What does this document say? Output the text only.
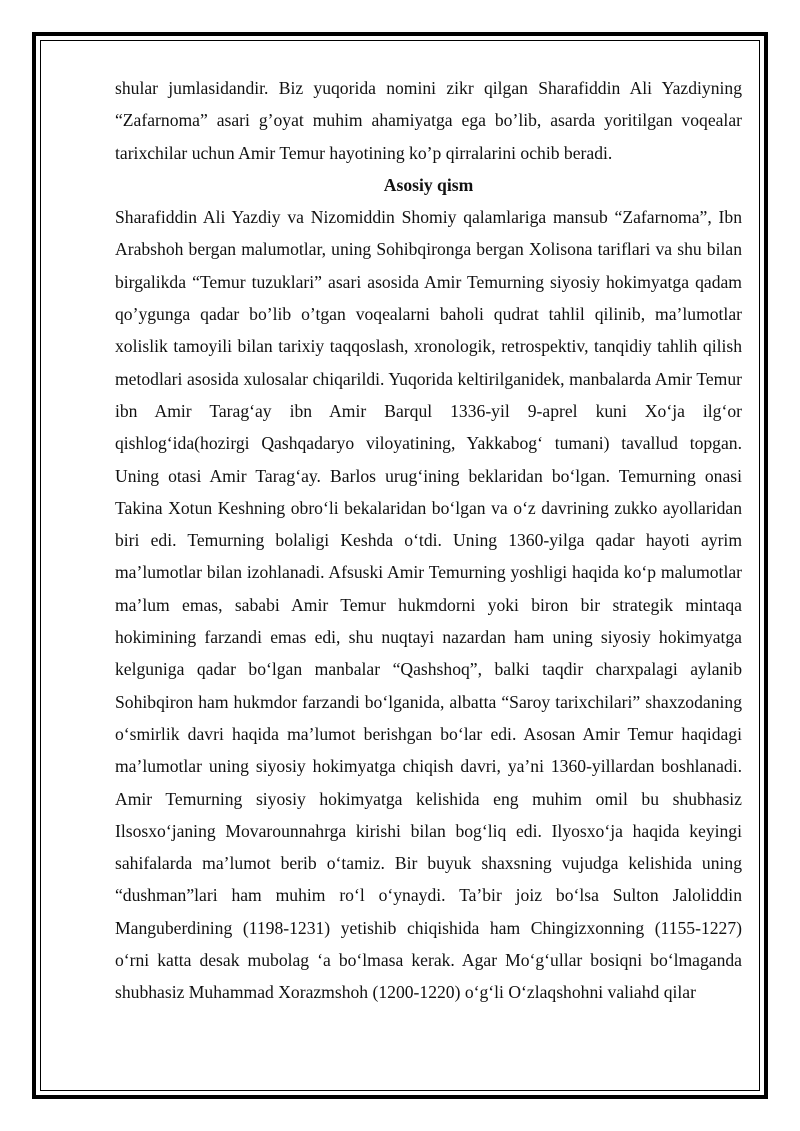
shular jumlasidandir. Biz yuqorida nomini zikr qilgan Sharafiddin Ali Yazdiyning “Zafarnoma” asari g’oyat muhim ahamiyatga ega bo’lib, asarda yoritilgan voqealar tarixchilar uchun Amir Temur hayotining ko’p qirralarini ochib beradi.

Asosiy qism

Sharafiddin Ali Yazdiy va Nizomiddin Shomiy qalamlariga mansub “Zafarnoma”, Ibn Arabshoh bergan malumotlar, uning Sohibqironga bergan Xolisona tariflari va shu bilan birgalikda “Temur tuzuklari” asari asosida Amir Temurning siyosiy hokimyatga qadam qo’ygunga qadar bo’lib o’tgan voqealarni baholi qudrat tahlil qilinib, ma’lumotlar xolislik tamoyili bilan tarixiy taqqoslash, xronologik, retrospektiv, tanqidiy tahlih qilish metodlari asosida xulosalar chiqarildi. Yuqorida keltirilganidek, manbalarda Amir Temur ibn Amir Tarag‘ay ibn Amir Barqul 1336-yil 9-aprel kuni Xo‘ja ilg‘or qishlog‘ida(hozirgi Qashqadaryo viloyatining, Yakkabog‘ tumani) tavallud topgan. Uning otasi Amir Tarag‘ay. Barlos urug‘ining beklaridan bo‘lgan. Temurning onasi Takina Xotun Keshning obro‘li bekalaridan bo‘lgan va o‘z davrining zukko ayollaridan biri edi. Temurning bolaligi Keshda o‘tdi. Uning 1360-yilga qadar hayoti ayrim ma’lumotlar bilan izohlanadi. Afsuski Amir Temurning yoshligi haqida ko‘p malumotlar ma’lum emas, sababi Amir Temur hukmdorni yoki biron bir strategik mintaqa hokimining farzandi emas edi, shu nuqtayi nazardan ham uning siyosiy hokimyatga kelguniga qadar bo‘lgan manbalar “Qashshoq”, balki taqdir charxpalagi aylanib Sohibqiron ham hukmdor farzandi bo‘lganida, albatta “Saroy tarixchilari” shaxzodaning o‘smirlik davri haqida ma’lumot berishgan bo‘lar edi. Asosan Amir Temur haqidagi ma’lumotlar uning siyosiy hokimyatga chiqish davri, ya’ni 1360-yillardan boshlanadi. Amir Temurning siyosiy hokimyatga kelishida eng muhim omil bu shubhasiz Ilsosxo‘janing Movarounnahrga kirishi bilan bog‘liq edi. Ilyosxo‘ja haqida keyingi sahifalarda ma’lumot berib o‘tamiz. Bir buyuk shaxsning vujudga kelishida uning “dushman”lari ham muhim ro‘l o‘ynaydi. Ta’bir joiz bo‘lsa Sulton Jaloliddin Manguberdining (1198-1231) yetishib chiqishida ham Chingizxonning (1155-1227) o‘rni katta desak mubolag ‘a bo‘lmasa kerak. Agar Mo‘g‘ullar bosiqni bo‘lmaganda shubhasiz Muhammad Xorazmshoh (1200-1220) o‘g‘li O‘zlaqshohni valiahd qilar
